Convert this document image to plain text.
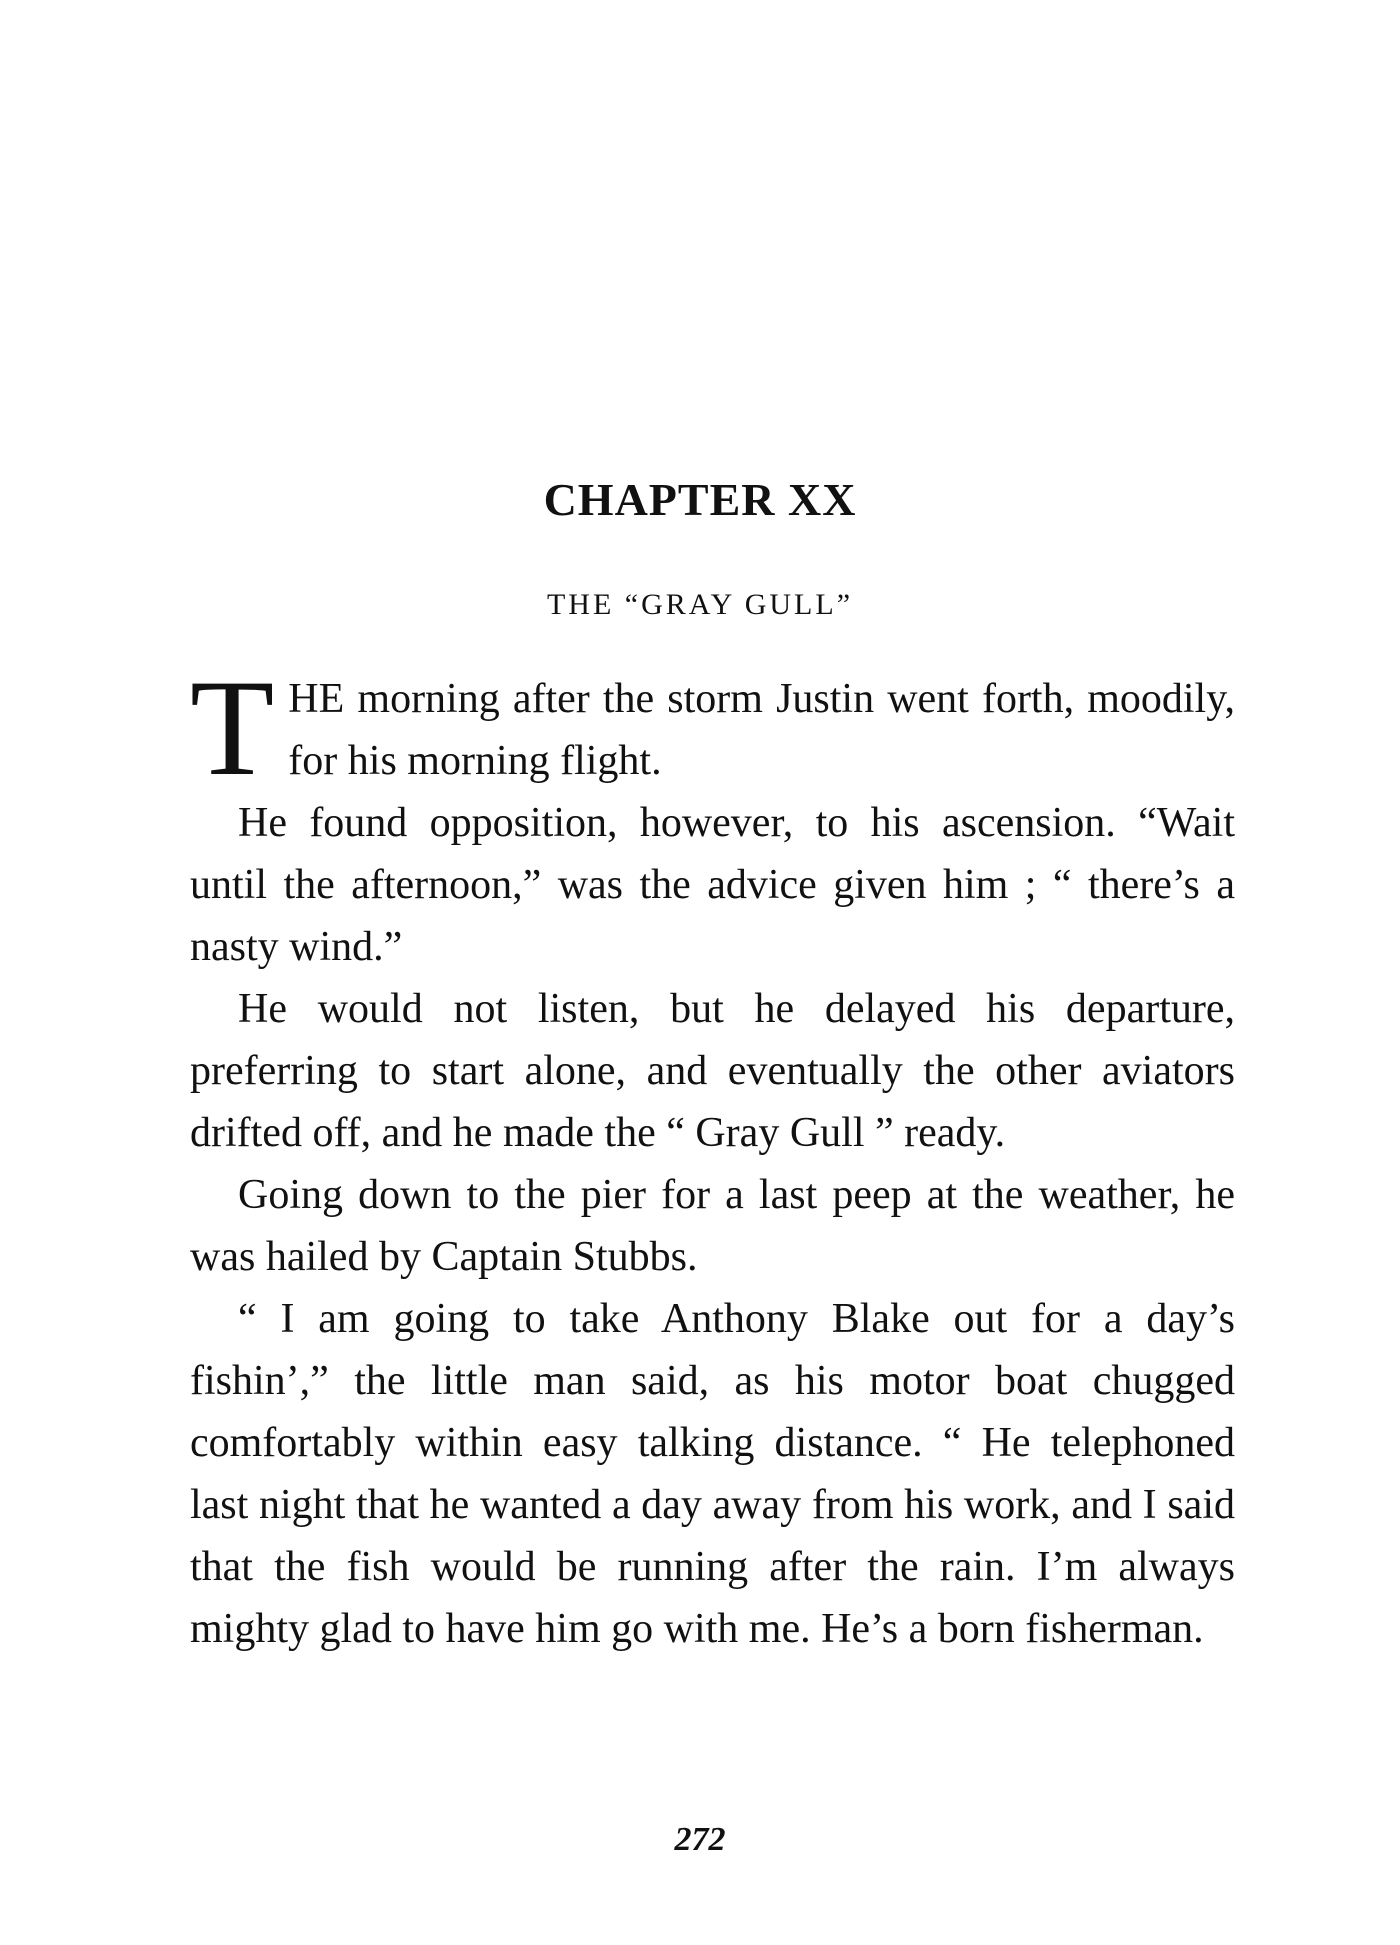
CHAPTER XX
THE “GRAY GULL”

THE morning after the storm Justin went forth, moodily, for his morning flight.

He found opposition, however, to his ascension. “Wait until the afternoon,” was the advice given him ; “ there’s a nasty wind.”

He would not listen, but he delayed his departure, preferring to start alone, and eventually the other aviators drifted off, and he made the “ Gray Gull ” ready.

Going down to the pier for a last peep at the weather, he was hailed by Captain Stubbs.

“ I am going to take Anthony Blake out for a day’s fishin’,” the little man said, as his motor boat chugged comfortably within easy talking distance. “ He telephoned last night that he wanted a day away from his work, and I said that the fish would be running after the rain. I’m always mighty glad to have him go with me. He’s a born fisherman.

272
